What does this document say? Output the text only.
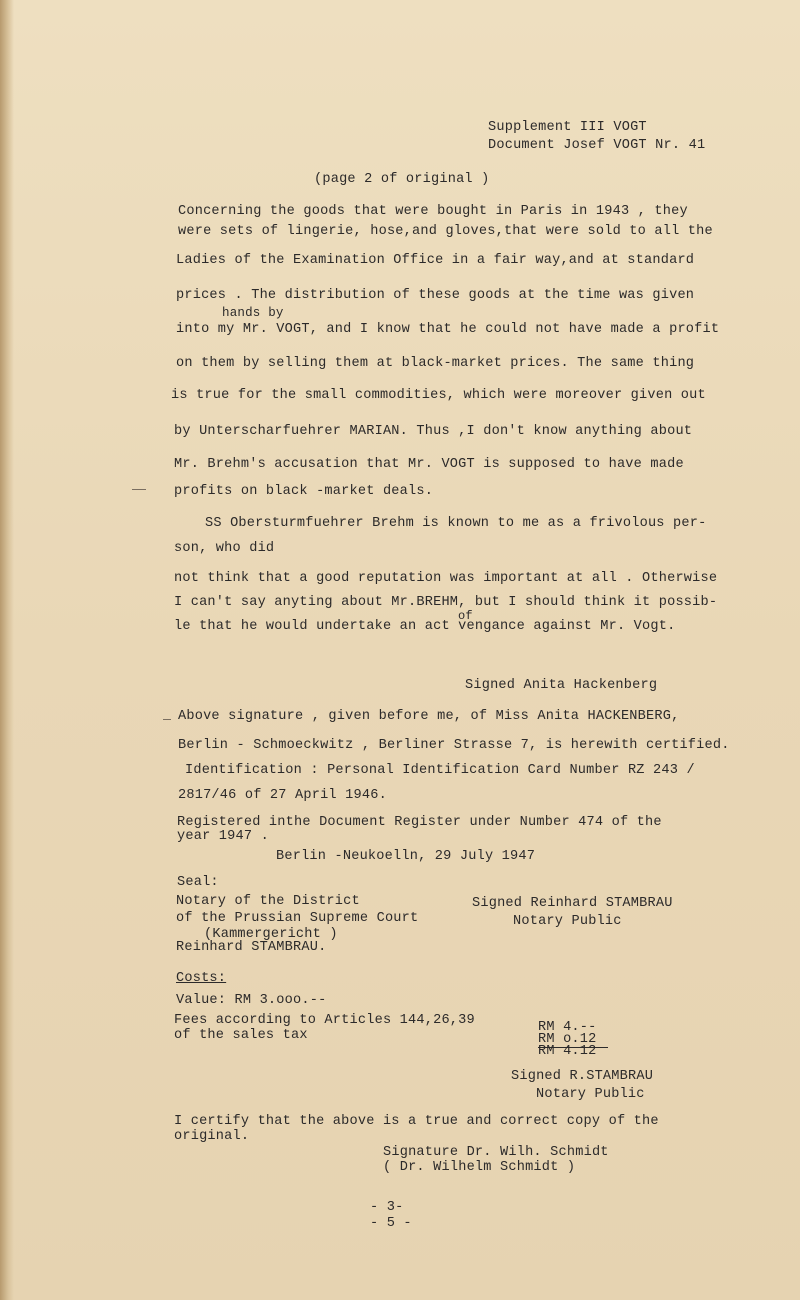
Supplement III VOGT
Document Josef VOGT Nr. 41
(page 2 of original )
Concerning the goods that were bought in Paris in 1943 , they
were sets of lingerie, hose,and gloves,that were sold to all the
Ladies of the Examination Office in a fair way,and at standard
prices . The distribution of these goods at the time was given
hands by
into my Mr. VOGT, and I know that he could not have made a profit
on them by selling them at black-market prices. The same thing
is true for the small commodities, which were moreover given out
by Unterscharfuehrer MARIAN. Thus ,I don't know anything about
Mr. Brehm's accusation that Mr. VOGT is supposed to have made
profits on black -market deals.
SS Obersturmfuehrer Brehm is known to me as a frivolous per-
son, who did
not think that a good reputation was important at all . Otherwise
I can't say anyting about Mr.BREHM, but I should think it possib-
of
le that he would undertake an act vengance against Mr. Vogt.
Signed Anita Hackenberg
Above signature , given before me, of Miss Anita HACKENBERG,
Berlin - Schmoeckwitz , Berliner Strasse 7, is herewith certified.
Identification : Personal Identification Card Number RZ 243 /
2817/46 of 27 April 1946.
Registered inthe Document Register under Number 474 of the
year 1947 .
Berlin -Neukoelln, 29 July 1947
Seal:
Notary of the District
of the Prussian Supreme Court
(Kammergericht )
Reinhard STAMBRAU.
Signed Reinhard STAMBRAU
Notary Public
Costs:
Value: RM 3.ooo.--
Fees according to Articles 144,26,39
of the sales tax
RM 4.--
RM o.12
RM 4.12
Signed R.STAMBRAU
Notary Public
I certify that the above is a true and correct copy of the
original.
Signature Dr. Wilh. Schmidt
( Dr. Wilhelm Schmidt )
- 3-
- 5 -
